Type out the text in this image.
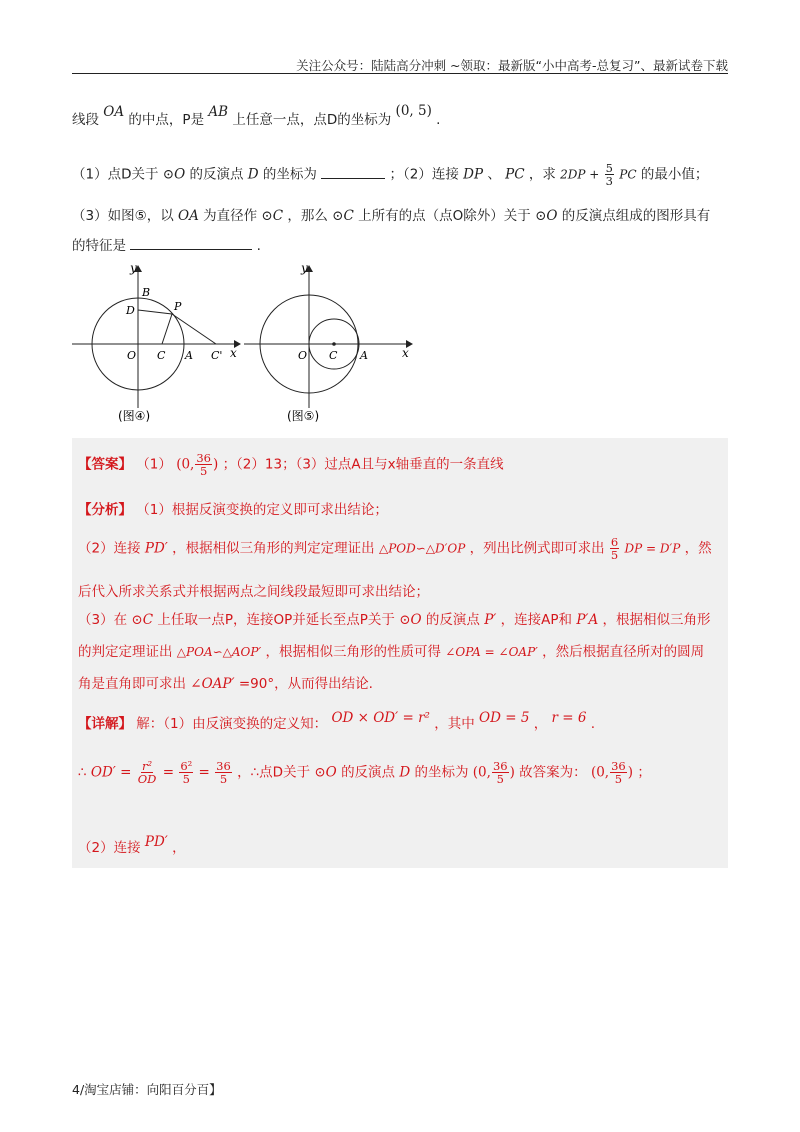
关注公众号：陆陆高分冲刺 ~领取：最新版“小中高考-总复习”、最新试卷下载
线段 OA 的中点，P是 AB 上任意一点，点D的坐标为 (0, 5) .
（1）点D关于 ⊙O 的反演点 D 的坐标为	；（2）连接 DP 、 PC ，求 $2DP + \frac{5}{3}$ PC 的最小值；
（3）如图⑤，以 OA 为直径作 ⊙C ，那么 ⊙C 上所有的点（点O除外）关于 ⊙O 的反演点组成的图形具有
的特征是	.
y
x
B
D	P
O C A C'
(图④)
y
x
O C A
(图⑤)
【答案】 （1） (0, $\frac{36}{5}$ ) ；（2）13；（3）过点A且与x轴垂直的一条直线
【分析】 （1）根据反演变换的定义即可求出结论；
（2）连接 PD′ ，根据相似三角形的判定定理证出 △POD∽△D′OP ，列出比例式即可求出 $\frac{6}{5}$ DP = D′P ，然
后代入所求关系式并根据两点之间线段最短即可求出结论；
（3）在 ⊙C 上任取一点P，连接OP并延长至点P关于 ⊙O 的反演点 P′ ，连接AP和 P′A ，根据相似三角形
的判定定理证出 △POA∽△AOP′ ，根据相似三角形的性质可得 ∠OPA = ∠OAP′ ，然后根据直径所对的圆周
角是直角即可求出 ∠OAP′ =90°，从而得出结论.
【详解】 解：（1）由反演变换的定义知： OD × OD′ = r² ，其中 OD = 5 ， r = 6 .
∴ $OD' = \frac{\text{r²}}{OD} = \frac{\text{6²}}{5} = \frac{36}{5}$ ，∴点D关于 ⊙O 的反演点 D 的坐标为 (0, $\frac{36}{5}$ ) 故答案为： (0, $\frac{36}{5}$ ) ；
（2）连接 PD′ ，
4/淘宝店铺：向阳百分百】
